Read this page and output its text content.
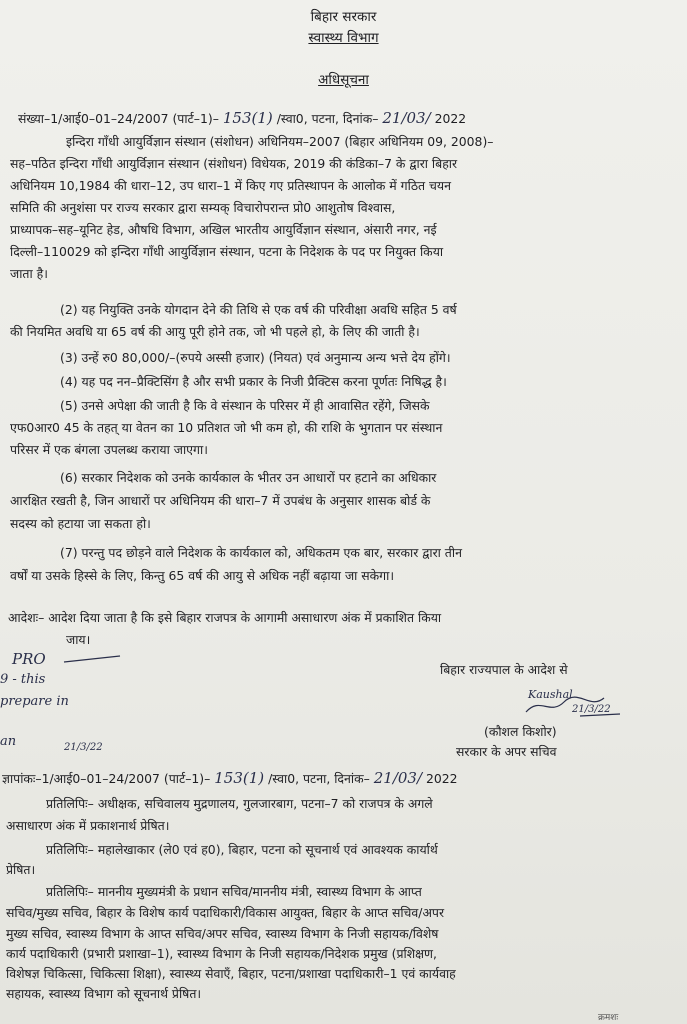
बिहार सरकार
स्वास्थ्य विभाग
अधिसूचना
संख्या–1/आई0–01–24/2007 (पार्ट–1)– 153(1) /स्वा0, पटना, दिनांक– 21/03/ 2022
इन्दिरा गाँधी आयुर्विज्ञान संस्थान (संशोधन) अधिनियम–2007 (बिहार अधिनियम 09, 2008)–
सह–पठित इन्दिरा गाँधी आयुर्विज्ञान संस्थान (संशोधन) विधेयक, 2019 की कंडिका–7 के द्वारा बिहार
अधिनियम 10,1984 की धारा–12, उप धारा–1 में किए गए प्रतिस्थापन के आलोक में गठित चयन
समिति की अनुशंसा पर राज्य सरकार द्वारा सम्यक् विचारोपरान्त प्रो0 आशुतोष विश्वास,
प्राध्यापक–सह–यूनिट हेड, औषधि विभाग, अखिल भारतीय आयुर्विज्ञान संस्थान, अंसारी नगर, नई
दिल्ली–110029 को इन्दिरा गाँधी आयुर्विज्ञान संस्थान, पटना के निदेशक के पद पर नियुक्त किया
जाता है।
(2) यह नियुक्ति उनके योगदान देने की तिथि से एक वर्ष की परिवीक्षा अवधि सहित 5 वर्ष
की नियमित अवधि या 65 वर्ष की आयु पूरी होने तक, जो भी पहले हो, के लिए की जाती है।
(3) उन्हें रु0 80,000/–(रुपये अस्सी हजार) (नियत) एवं अनुमान्य अन्य भत्ते देय होंगे।
(4) यह पद नन–प्रैक्टिसिंग है और सभी प्रकार के निजी प्रैक्टिस करना पूर्णतः निषिद्ध है।
(5) उनसे अपेक्षा की जाती है कि वे संस्थान के परिसर में ही आवासित रहेंगे, जिसके
एफ0आर0 45 के तहत् या वेतन का 10 प्रतिशत जो भी कम हो, की राशि के भुगतान पर संस्थान
परिसर में एक बंगला उपलब्ध कराया जाएगा।
(6) सरकार निदेशक को उनके कार्यकाल के भीतर उन आधारों पर हटाने का अधिकार
आरक्षित रखती है, जिन आधारों पर अधिनियम की धारा–7 में उपबंध के अनुसार शासक बोर्ड के
सदस्य को हटाया जा सकता हो।
(7) परन्तु पद छोड़ने वाले निदेशक के कार्यकाल को, अधिकतम एक बार, सरकार द्वारा तीन
वर्षों या उसके हिस्से के लिए, किन्तु 65 वर्ष की आयु से अधिक नहीं बढ़ाया जा सकेगा।
आदेशः– आदेश दिया जाता है कि इसे बिहार राजपत्र के आगामी असाधारण अंक में प्रकाशित किया
जाय।
बिहार राज्यपाल के आदेश से
Kaushal
21/3/22
(कौशल किशोर)
सरकार के अपर सचिव
PRO
9 - this
prepare in
an	21/3/22
ज्ञापांकः–1/आई0–01–24/2007 (पार्ट–1)– 153(1) /स्वा0, पटना, दिनांक– 21/03/ 2022
प्रतिलिपिः– अधीक्षक, सचिवालय मुद्रणालय, गुलजारबाग, पटना–7 को राजपत्र के अगले
असाधारण अंक में प्रकाशनार्थ प्रेषित।
प्रतिलिपिः– महालेखाकार (ले0 एवं ह0), बिहार, पटना को सूचनार्थ एवं आवश्यक कार्यार्थ
प्रेषित।
प्रतिलिपिः– माननीय मुख्यमंत्री के प्रधान सचिव/माननीय मंत्री, स्वास्थ्य विभाग के आप्त
सचिव/मुख्य सचिव, बिहार के विशेष कार्य पदाधिकारी/विकास आयुक्त, बिहार के आप्त सचिव/अपर
मुख्य सचिव, स्वास्थ्य विभाग के आप्त सचिव/अपर सचिव, स्वास्थ्य विभाग के निजी सहायक/विशेष
कार्य पदाधिकारी (प्रभारी प्रशाखा–1), स्वास्थ्य विभाग के निजी सहायक/निदेशक प्रमुख (प्रशिक्षण,
विशेषज्ञ चिकित्सा, चिकित्सा शिक्षा), स्वास्थ्य सेवाएँ, बिहार, पटना/प्रशाखा पदाधिकारी–1 एवं कार्यवाह
सहायक, स्वास्थ्य विभाग को सूचनार्थ प्रेषित।
क्रमशः
